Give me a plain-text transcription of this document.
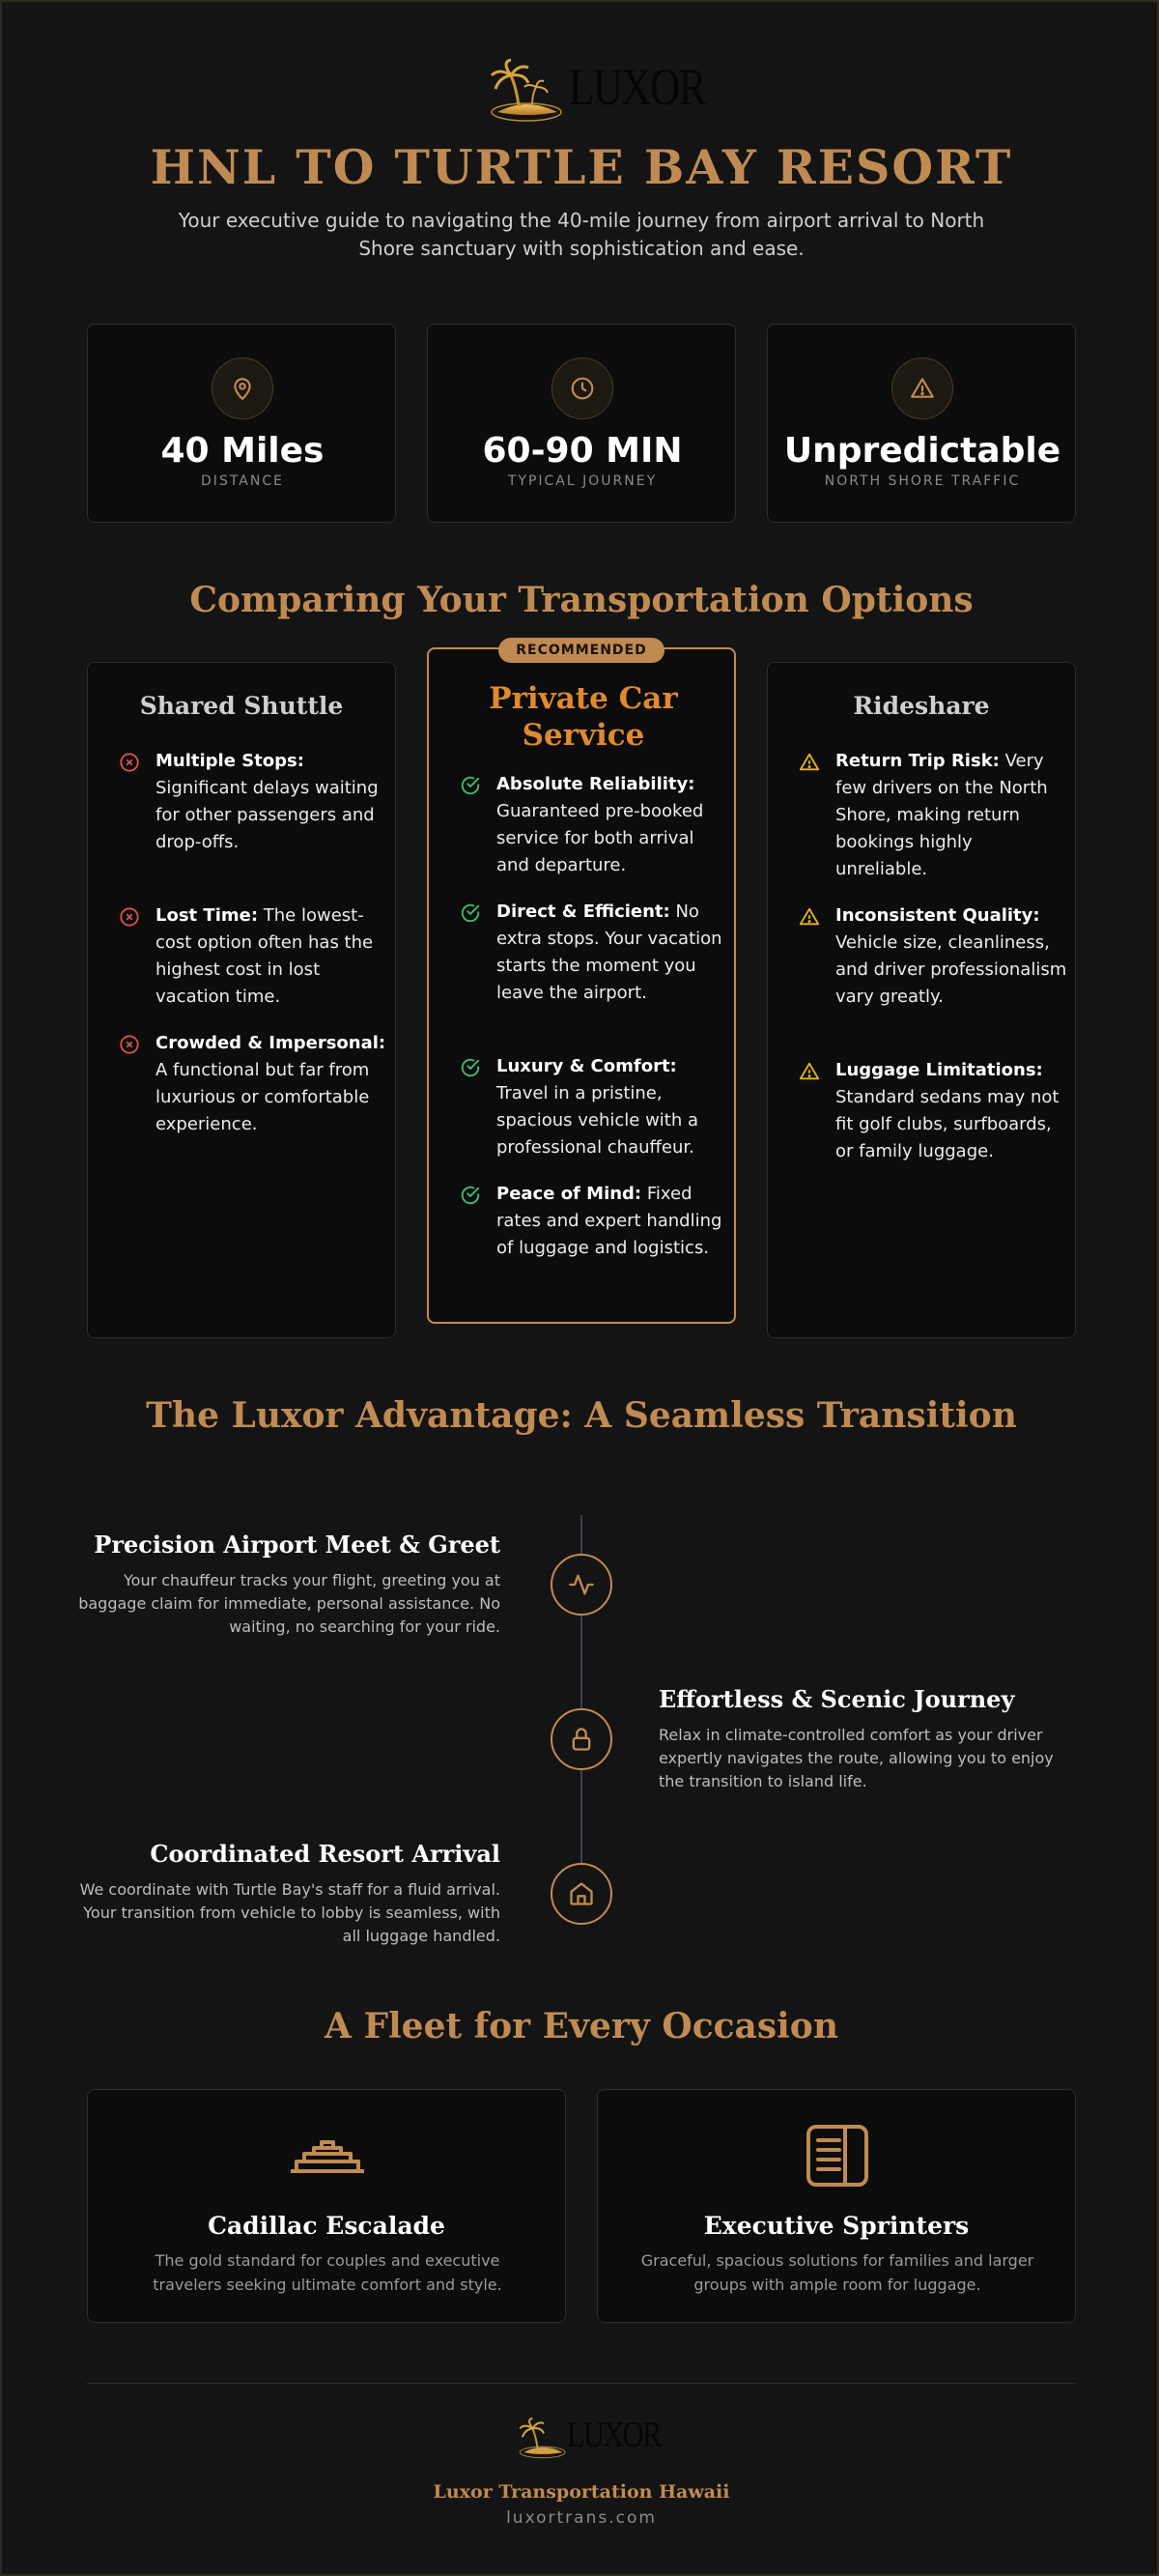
LUXOR
HNL TO TURTLE BAY RESORT

Your executive guide to navigating the 40-mile journey from airport arrival to North Shore sanctuary with sophistication and ease.

40 Miles
DISTANCE
60-90 MIN
TYPICAL JOURNEY
Unpredictable
NORTH SHORE TRAFFIC
Comparing Your Transportation Options
Shared Shuttle
Multiple Stops: Significant delays waiting for other passengers and drop-offs.
Lost Time: The lowest-cost option often has the highest cost in lost vacation time.
Crowded & Impersonal: A functional but far from luxurious or comfortable experience.
RECOMMENDED
Private Car Service
Absolute Reliability: Guaranteed pre-booked service for both arrival and departure.
Direct & Efficient: No extra stops. Your vacation starts the moment you leave the airport.
Luxury & Comfort: Travel in a pristine, spacious vehicle with a professional chauffeur.
Peace of Mind: Fixed rates and expert handling of luggage and logistics.
Rideshare
Return Trip Risk: Very few drivers on the North Shore, making return bookings highly unreliable.
Inconsistent Quality: Vehicle size, cleanliness, and driver professionalism vary greatly.
Luggage Limitations: Standard sedans may not fit golf clubs, surfboards, or family luggage.
The Luxor Advantage: A Seamless Transition
Precision Airport Meet & Greet
Your chauffeur tracks your flight, greeting you at baggage claim for immediate, personal assistance. No waiting, no searching for your ride.
Effortless & Scenic Journey
Relax in climate-controlled comfort as your driver expertly navigates the route, allowing you to enjoy the transition to island life.
Coordinated Resort Arrival
We coordinate with Turtle Bay's staff for a fluid arrival. Your transition from vehicle to lobby is seamless, with all luggage handled.
A Fleet for Every Occasion
Cadillac Escalade

The gold standard for couples and executive travelers seeking ultimate comfort and style.

Executive Sprinters

Graceful, spacious solutions for families and larger groups with ample room for luggage.

LUXOR
Luxor Transportation Hawaii
luxortrans.com
